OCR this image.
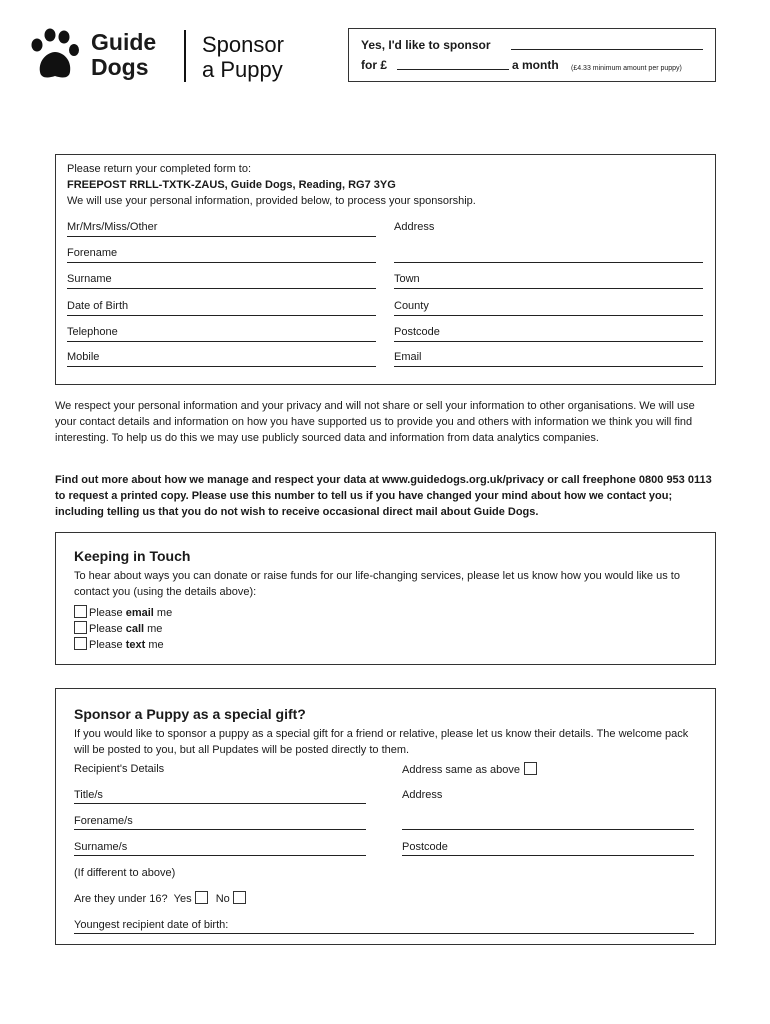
Guide
Dogs
Sponsor
a Puppy
Yes, I'd like to sponsor
for £	a month (£4.33 minimum amount per puppy)
Please return your completed form to:
FREEPOST RRLL-TXTK-ZAUS, Guide Dogs, Reading, RG7 3YG
We will use your personal information, provided below, to process your sponsorship.
Mr/Mrs/Miss/Other
Forename
Surname
Date of Birth
Telephone
Mobile
Address
Town
County
Postcode
Email
We respect your personal information and your privacy and will not share or sell your information to other organisations. We will use your contact details and information on how you have supported us to provide you and others with information we think you will find interesting. To help us do this we may use publicly sourced data and information from data analytics companies.
Find out more about how we manage and respect your data at www.guidedogs.org.uk/privacy or call freephone 0800 953 0113 to request a printed copy. Please use this number to tell us if you have changed your mind about how we contact you; including telling us that you do not wish to receive occasional direct mail about Guide Dogs.
Keeping in Touch
To hear about ways you can donate or raise funds for our life-changing services, please let us know how you would like us to contact you (using the details above):
Please email me
Please call me
Please text me
Sponsor a Puppy as a special gift?
If you would like to sponsor a puppy as a special gift for a friend or relative, please let us know their details. The welcome pack will be posted to you, but all Pupdates will be posted directly to them.
Recipient's Details	Address same as above
Title/s
Forename/s
Surname/s
Address
Postcode
(If different to above)
Are they under 16? Yes No
Youngest recipient date of birth:
